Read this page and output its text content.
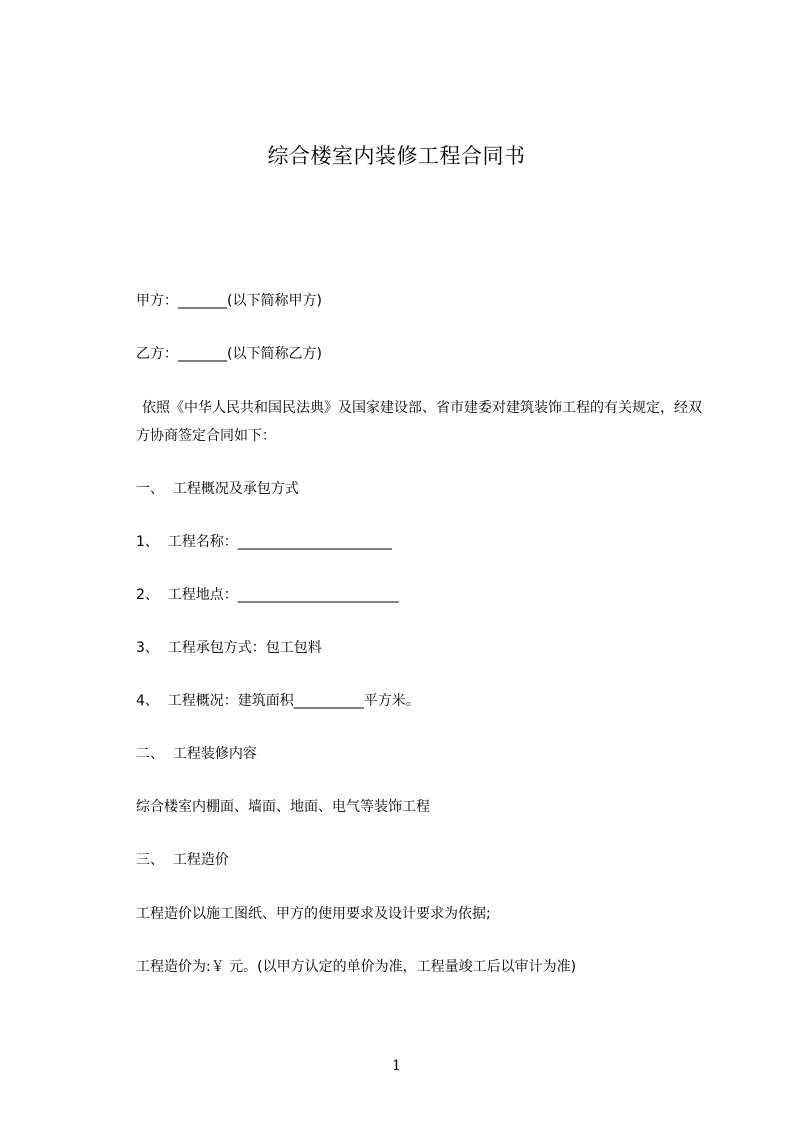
综合楼室内装修工程合同书
甲方：_______(以下简称甲方)
乙方：_______(以下简称乙方)
依照《中华人民共和国民法典》及国家建设部、省市建委对建筑装饰工程的有关规定，经双方协商签定合同如下：
一、  工程概况及承包方式
1、  工程名称：______________________
2、  工程地点：_______________________
3、  工程承包方式：包工包料
4、  工程概况：建筑面积__________平方米。
二、  工程装修内容
综合楼室内棚面、墙面、地面、电气等装饰工程
三、  工程造价
工程造价以施工图纸、甲方的使用要求及设计要求为依据;
工程造价为:￥ 元。(以甲方认定的单价为准，工程量竣工后以审计为准)
1
